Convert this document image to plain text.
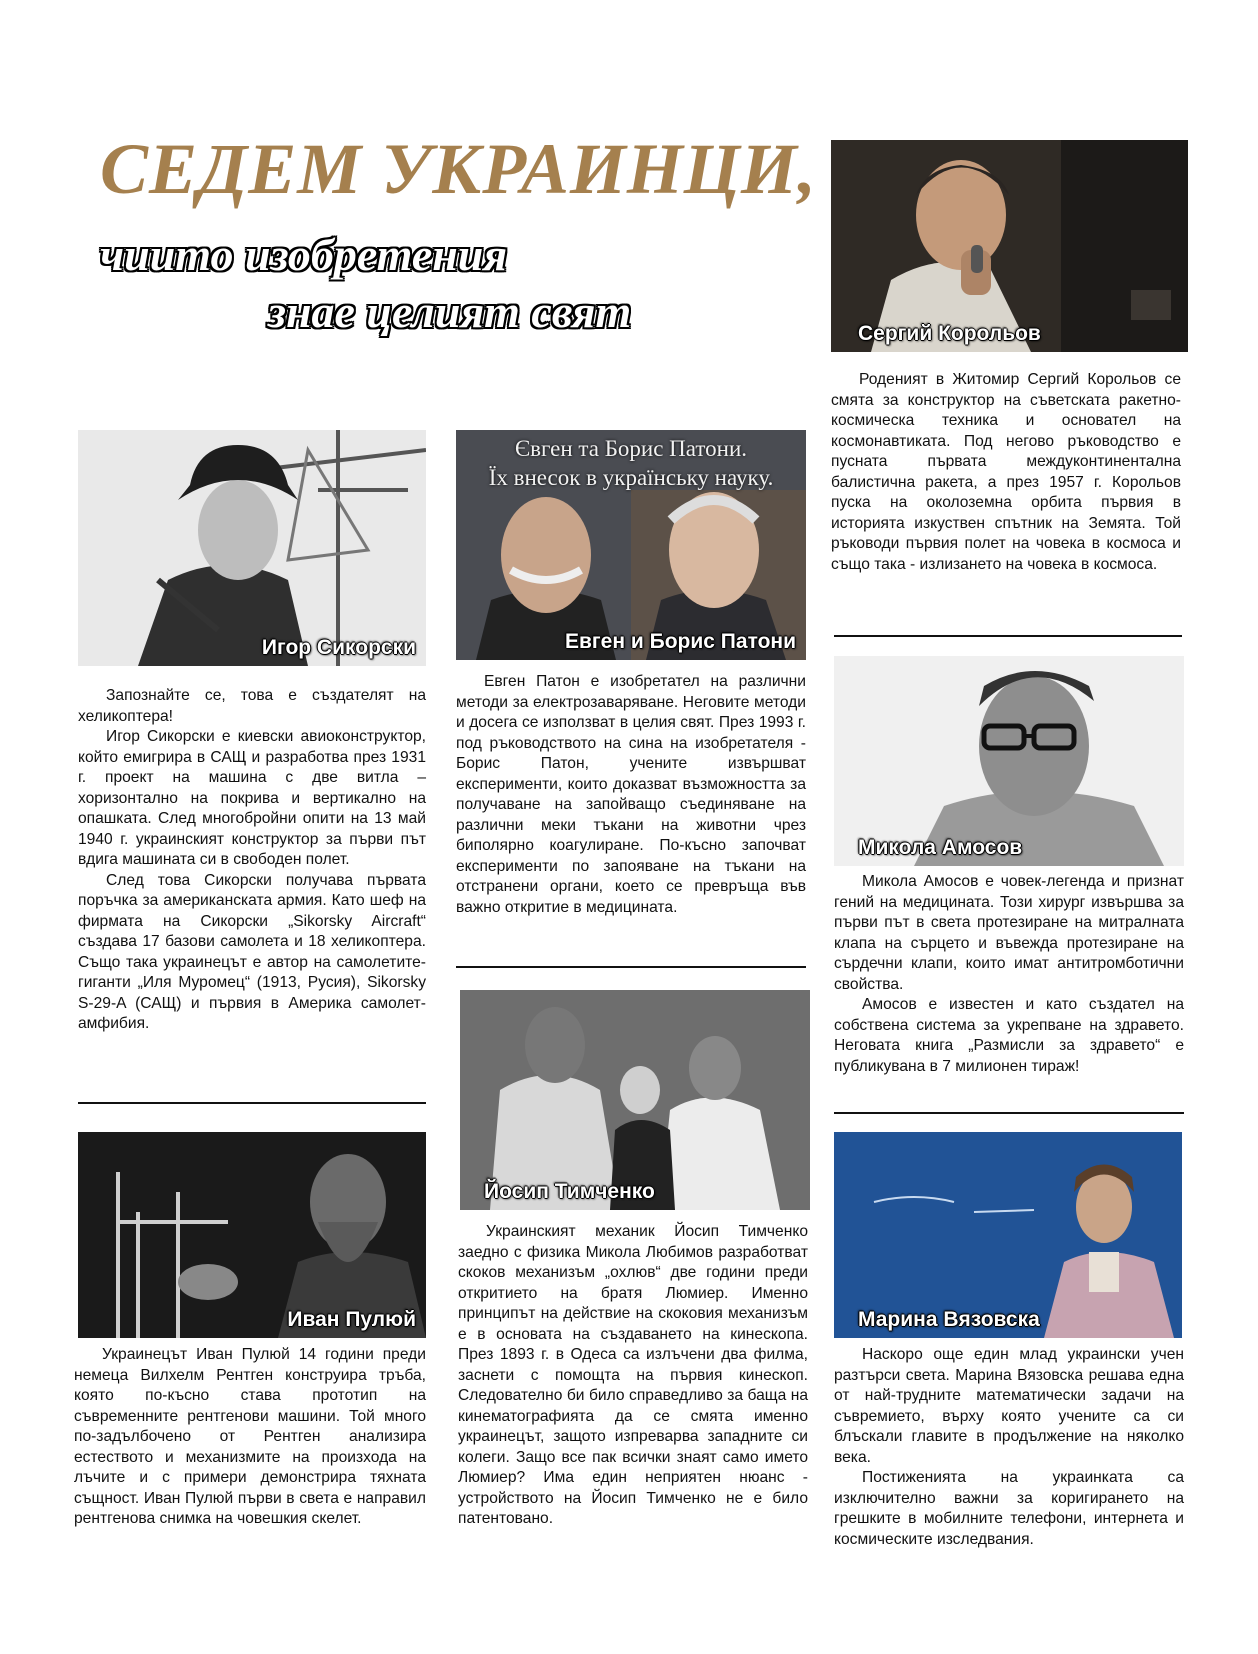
СЕДЕМ УКРАИНЦИ,
чиито изобретения
знае целият свят	Сергий Корольов

Роденият в Житомир Сергий Корольов се смята за конструктор на съветската ракетно-космическа техника и основател на космонавтиката. Под негово ръководство е пусната първата междуконтинентална балистична ракета, а през 1957 г. Корольов пуска на околоземна орбита първия в историята изкуствен спътник на Земята. Той ръководи първия полет на човека в космоса и също така - излизането на човека в космоса.

Игор Сикорски

Запознайте се, това е създателят на хеликоптера!

Игор Сикорски е киевски авиоконструктор, който емигрира в САЩ и разработва през 1931 г. проект на машина с две витла – хоризонтално на покрива и вертикално на опашката. След многобройни опити на 13 май 1940 г. украинският конструктор за първи път вдига машината си в свободен полет.

След това Сикорски получава първата поръчка за американската армия. Като шеф на фирмата на Сикорски „Sikorsky Aircraft“ създава 17 базови самолета и 18 хеликоптера. Също така украинецът е автор на самолетите-гиганти „Иля Муромец“ (1913, Русия), Sikorsky S-29-A (САЩ) и първия в Америка самолет-амфибия.

Євген та Борис Патони.
Їх внесок в українську науку.
Евген и Борис Патони

Евген Патон е изобретател на различни методи за електрозаваряване. Неговите методи и досега се използват в целия свят. През 1993 г. под ръководството на сина на изобретателя - Борис Патон, учените извършват експерименти, които доказват възможността за получаване на запойващо съединяване на различни меки тъкани на животни чрез биполярно коагулиране. По-късно започват експерименти по запояване на тъкани на отстранени органи, което се превръща във важно откритие в медицината.

Микола Амосов

Микола Амосов е човек-легенда и признат гений на медицината. Този хирург извършва за първи път в света протезиране на митралната клапа на сърцето и въвежда протезиране на сърдечни клапи, които имат антитромботични свойства.

Амосов е известен и като създател на собствена система за укрепване на здравето. Неговата книга „Размисли за здравето“ е публикувана в 7 милионен тираж!

Йосип Тимченко

Украинският механик Йосип Тимченко заедно с физика Микола Любимов разработват скоков механизъм „охлюв“ две години преди откритието на братя Люмиер. Именно принципът на действие на скоковия механизъм е в основата на създаването на кинескопа. През 1893 г. в Одеса са излъчени два филма, заснети с помощта на първия кинескоп. Следователно би било справедливо за баща на кинематографията да се смята именно украинецът, защото изпреварва западните си колеги. Защо все пак всички знаят само името Люмиер? Има един неприятен нюанс - устройството на Йосип Тимченко не е било патентовано.

Иван Пулюй

Украинецът Иван Пулюй 14 години преди немеца Вилхелм Рентген конструира тръба, която по-късно става прототип на съвременните рентгенови машини. Той много по-задълбочено от Рентген анализира естеството и механизмите на произхода на лъчите и с примери демонстрира тяхната същност. Иван Пулюй първи в света е направил рентгенова снимка на човешкия скелет.

Марина Вязовска

Наскоро още един млад украински учен разтърси света. Марина Вязовска решава една от най-трудните математически задачи на съвремието, върху която учените са си блъскали главите в продължение на няколко века.

Постиженията на украинката са изключително важни за коригирането на грешките в мобилните телефони, интернета и космическите изследвания.
